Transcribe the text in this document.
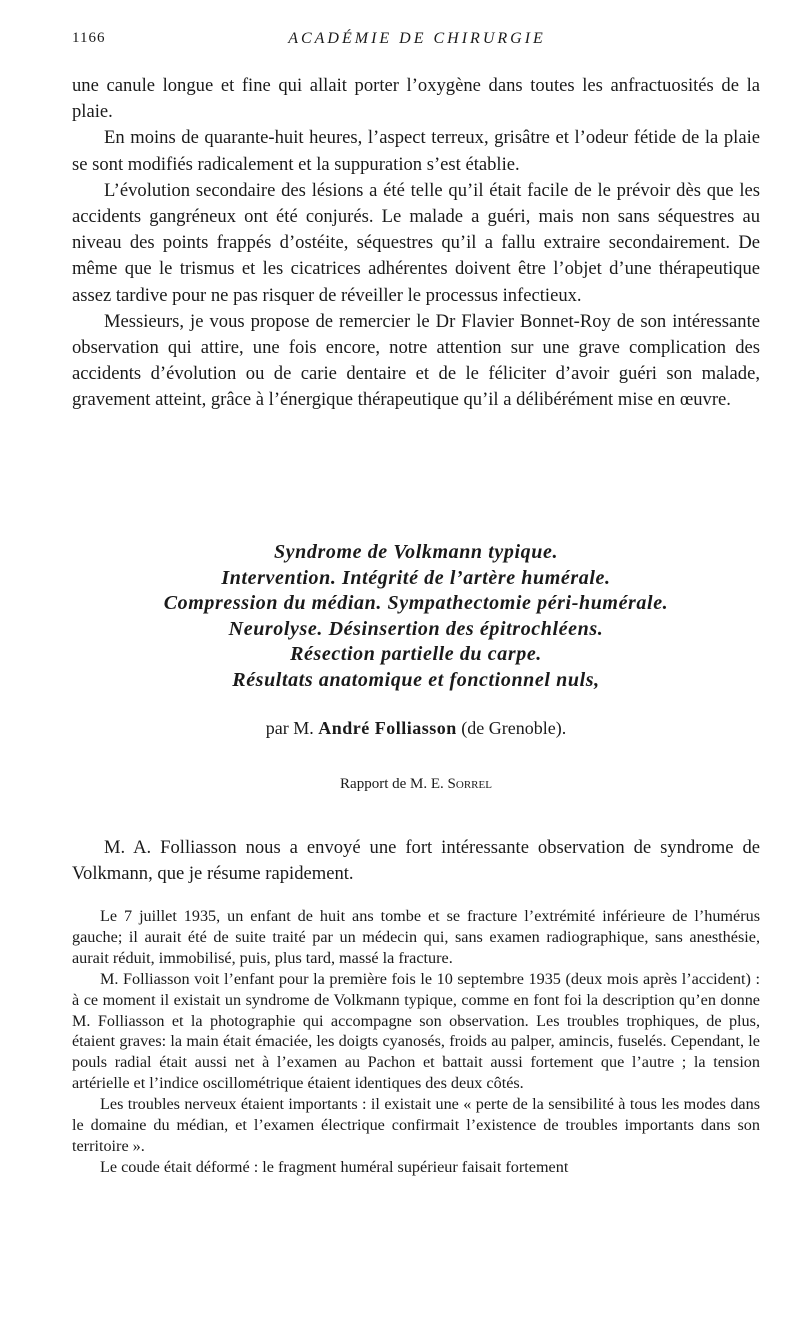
1166	ACADÉMIE DE CHIRURGIE

une canule longue et fine qui allait porter l’oxygène dans toutes les anfractuosités de la plaie.

En moins de quarante-huit heures, l’aspect terreux, grisâtre et l’odeur fétide de la plaie se sont modifiés radicalement et la suppuration s’est établie.

L’évolution secondaire des lésions a été telle qu’il était facile de le prévoir dès que les accidents gangréneux ont été conjurés. Le malade a guéri, mais non sans séquestres au niveau des points frappés d’ostéite, séquestres qu’il a fallu extraire secondairement. De même que le trismus et les cicatrices adhérentes doivent être l’objet d’une thérapeutique assez tardive pour ne pas risquer de réveiller le processus infectieux.

Messieurs, je vous propose de remercier le Dr Flavier Bonnet-Roy de son intéressante observation qui attire, une fois encore, notre attention sur une grave complication des accidents d’évolution ou de carie dentaire et de le féliciter d’avoir guéri son malade, gravement atteint, grâce à l’énergique thérapeutique qu’il a délibérément mise en œuvre.

Syndrome de Volkmann typique.
Intervention. Intégrité de l’artère humérale.
Compression du médian. Sympathectomie péri-humérale.
Neurolyse. Désinsertion des épitrochléens.
Résection partielle du carpe.
Résultats anatomique et fonctionnel nuls,
par M. André Folliasson (de Grenoble).
Rapport de M. E. Sorrel

M. A. Folliasson nous a envoyé une fort intéressante observation de syndrome de Volkmann, que je résume rapidement.

Le 7 juillet 1935, un enfant de huit ans tombe et se fracture l’extrémité inférieure de l’humérus gauche; il aurait été de suite traité par un médecin qui, sans examen radiographique, sans anesthésie, aurait réduit, immobilisé, puis, plus tard, massé la fracture.

M. Folliasson voit l’enfant pour la première fois le 10 septembre 1935 (deux mois après l’accident) : à ce moment il existait un syndrome de Volkmann typique, comme en font foi la description qu’en donne M. Folliasson et la photographie qui accompagne son observation. Les troubles trophiques, de plus, étaient graves: la main était émaciée, les doigts cyanosés, froids au palper, amincis, fuselés. Cependant, le pouls radial était aussi net à l’examen au Pachon et battait aussi fortement que l’autre ; la tension artérielle et l’indice oscillométrique étaient identiques des deux côtés.

Les troubles nerveux étaient importants : il existait une « perte de la sensibilité à tous les modes dans le domaine du médian, et l’examen électrique confirmait l’existence de troubles importants dans son territoire ».

Le coude était déformé : le fragment huméral supérieur faisait fortement
